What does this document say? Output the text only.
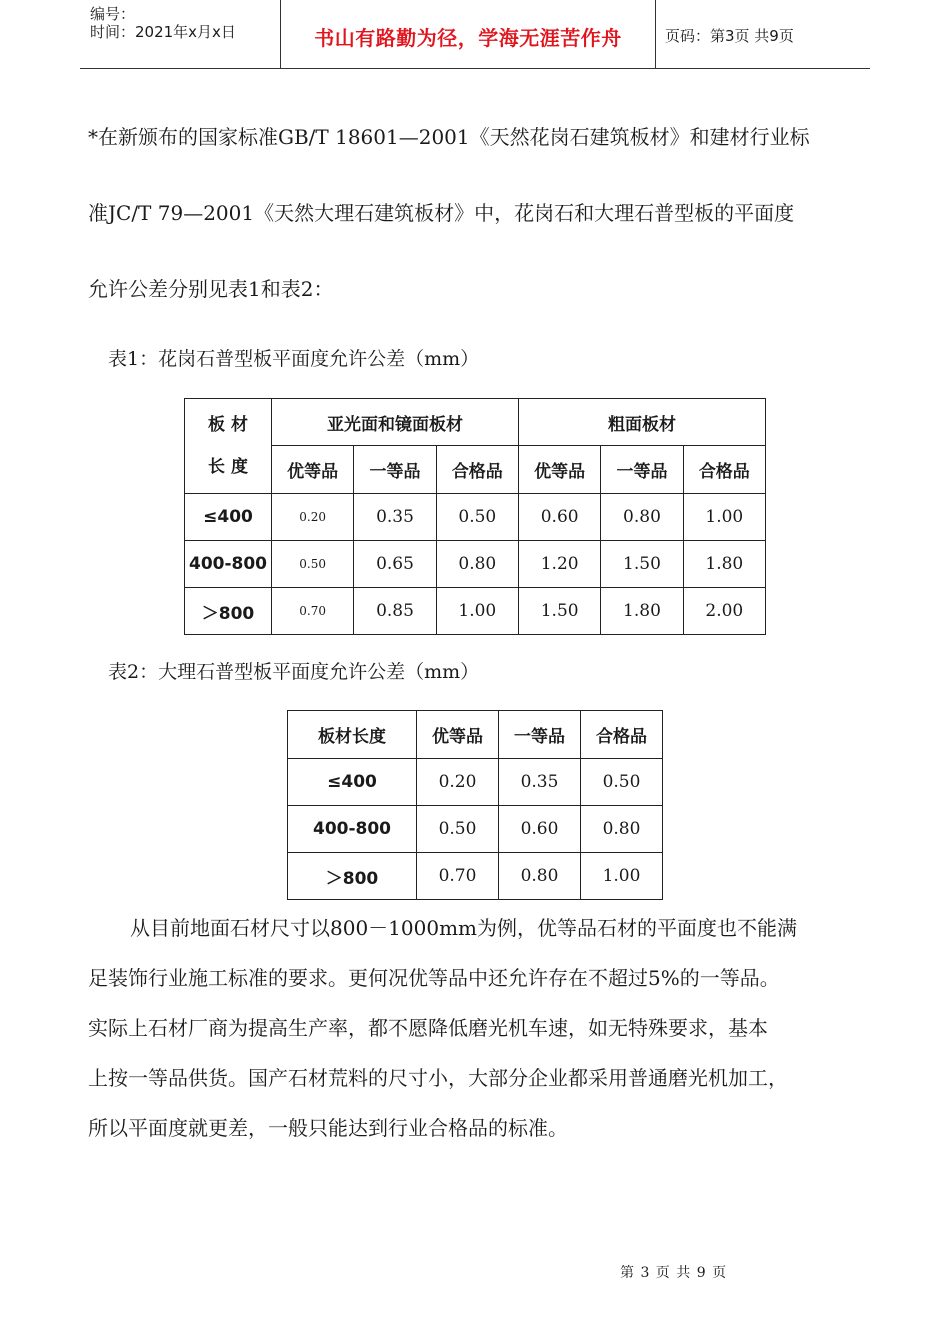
编号：
时间：2021年x月x日	书山有路勤为径，学海无涯苦作舟	页码：第3页 共9页
*在新颁布的国家标准GB/T 18601—2001《天然花岗石建筑板材》和建材行业标
准JC/T 79—2001《天然大理石建筑板材》中，花岗石和大理石普型板的平面度
允许公差分别见表1和表2：
表1：花岗石普型板平面度允许公差（mm）
板 材
长 度	亚光面和镜面板材			粗面板材		
	优等品	一等品	合格品	优等品	一等品	合格品
≤400	0.20	0.35	0.50	0.60	0.80	1.00
400-800	0.50	0.65	0.80	1.20	1.50	1.80
＞800	0.70	0.85	1.00	1.50	1.80	2.00
表2：大理石普型板平面度允许公差（mm）
板材长度	优等品	一等品	合格品
≤400	0.20	0.35	0.50
400-800	0.50	0.60	0.80
＞800	0.70	0.80	1.00
从目前地面石材尺寸以800－1000mm为例，优等品石材的平面度也不能满
足装饰行业施工标准的要求。更何况优等品中还允许存在不超过5%的一等品。
实际上石材厂商为提高生产率，都不愿降低磨光机车速，如无特殊要求，基本
上按一等品供货。国产石材荒料的尺寸小，大部分企业都采用普通磨光机加工，
所以平面度就更差，一般只能达到行业合格品的标准。
第 3 页 共 9 页
